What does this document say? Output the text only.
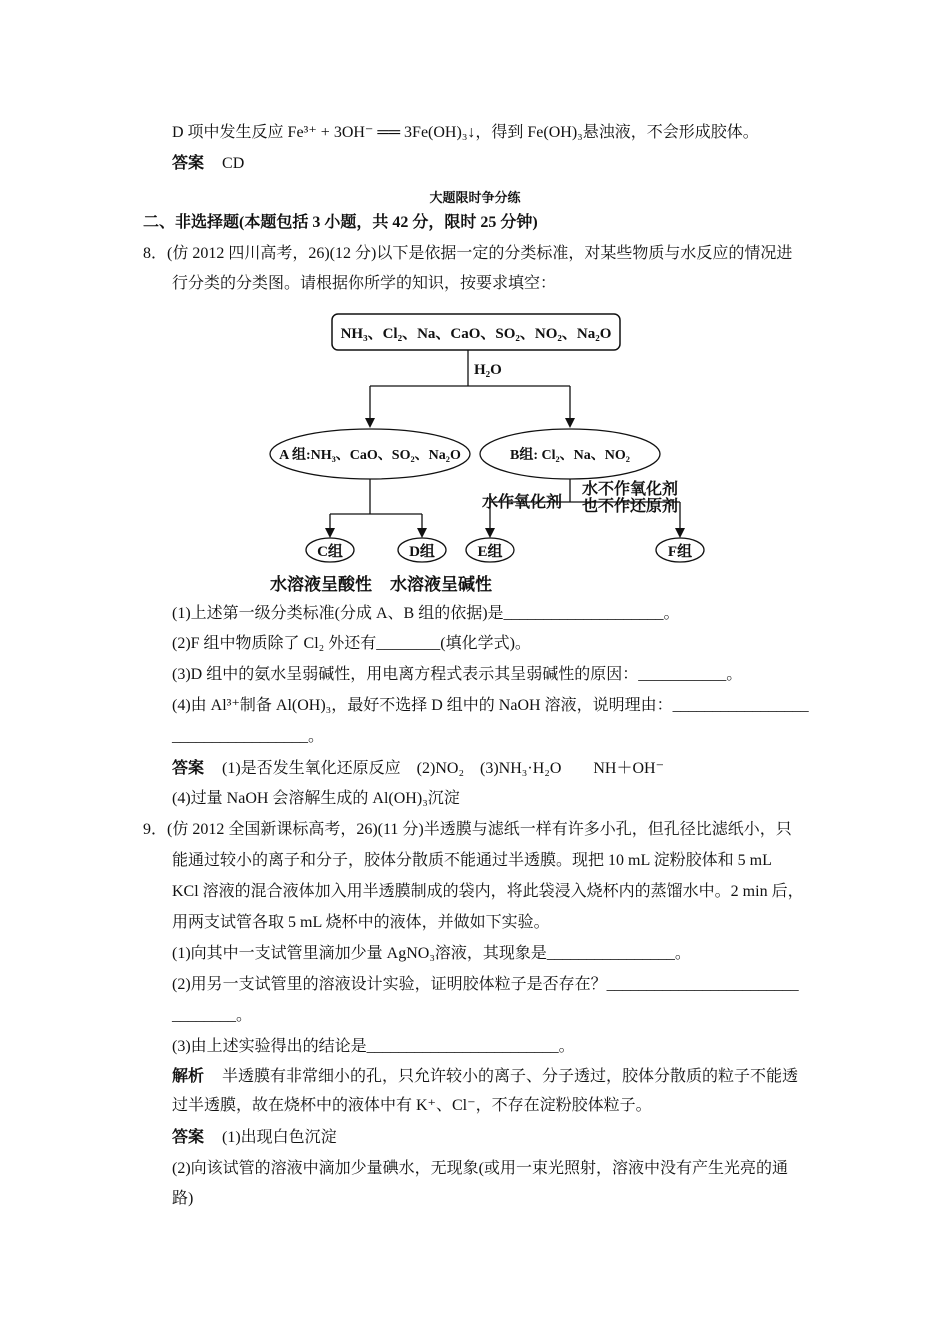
D 项中发生反应 Fe³⁺ + 3OH⁻ ══ 3Fe(OH)₃↓，得到 Fe(OH)₃悬浊液，不会形成胶体。
答案 CD
大题限时争分练
二、非选择题(本题包括 3 小题，共 42 分，限时 25 分钟)
8．(仿 2012 四川高考，26)(12 分)以下是依据一定的分类标准，对某些物质与水反应的情况进
行分类的分类图。请根据你所学的知识，按要求填空：
NH₃、Cl₂、Na、CaO、SO₂、NO₂、Na₂O
H₂O
A 组:NH₃、CaO、SO₂、Na₂O	B组: Cl₂、Na、NO₂
水作氧化剂
水不作氧化剂
也不作还原剂
C组	D组	E组	F组
水溶液呈酸性 水溶液呈碱性
(1)上述第一级分类标准(分成 A、B 组的依据)是____________________。
(2)F 组中物质除了 Cl₂ 外还有________(填化学式)。
(3)D 组中的氨水呈弱碱性，用电离方程式表示其呈弱碱性的原因：___________。
(4)由 Al³⁺制备 Al(OH)₃，最好不选择 D 组中的 NaOH 溶液，说明理由：_________________
_________________。
答案 (1)是否发生氧化还原反应　(2)NO₂　(3)NH₃·H₂O　　NH＋OH⁻
(4)过量 NaOH 会溶解生成的 Al(OH)₃沉淀
9．(仿 2012 全国新课标高考，26)(11 分)半透膜与滤纸一样有许多小孔，但孔径比滤纸小，只
能通过较小的离子和分子，胶体分散质不能通过半透膜。现把 10 mL 淀粉胶体和 5 mL
KCl 溶液的混合液体加入用半透膜制成的袋内，将此袋浸入烧杯内的蒸馏水中。2 min 后，
用两支试管各取 5 mL 烧杯中的液体，并做如下实验。
(1)向其中一支试管里滴加少量 AgNO₃溶液，其现象是________________。
(2)用另一支试管里的溶液设计实验，证明胶体粒子是否存在？________________________
________。
(3)由上述实验得出的结论是________________________。
解析 半透膜有非常细小的孔，只允许较小的离子、分子透过，胶体分散质的粒子不能透
过半透膜，故在烧杯中的液体中有 K⁺、Cl⁻，不存在淀粉胶体粒子。
答案 (1)出现白色沉淀
(2)向该试管的溶液中滴加少量碘水，无现象(或用一束光照射，溶液中没有产生光亮的通
路)
